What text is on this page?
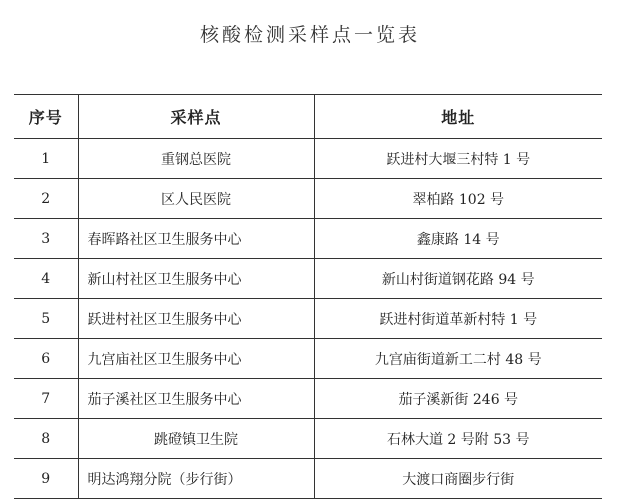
核酸检测采样点一览表
序号	采样点	地址
1	重钢总医院	跃进村大堰三村特 1 号
2	区人民医院	翠柏路 102 号
3	春晖路社区卫生服务中心	鑫康路 14 号
4	新山村社区卫生服务中心	新山村街道钢花路 94 号
5	跃进村社区卫生服务中心	跃进村街道革新村特 1 号
6	九宫庙社区卫生服务中心	九宫庙街道新工二村 48 号
7	茄子溪社区卫生服务中心	茄子溪新街 246 号
8	跳磴镇卫生院	石林大道 2 号附 53 号
9	明达鸿翔分院（步行街）	大渡口商圈步行街
